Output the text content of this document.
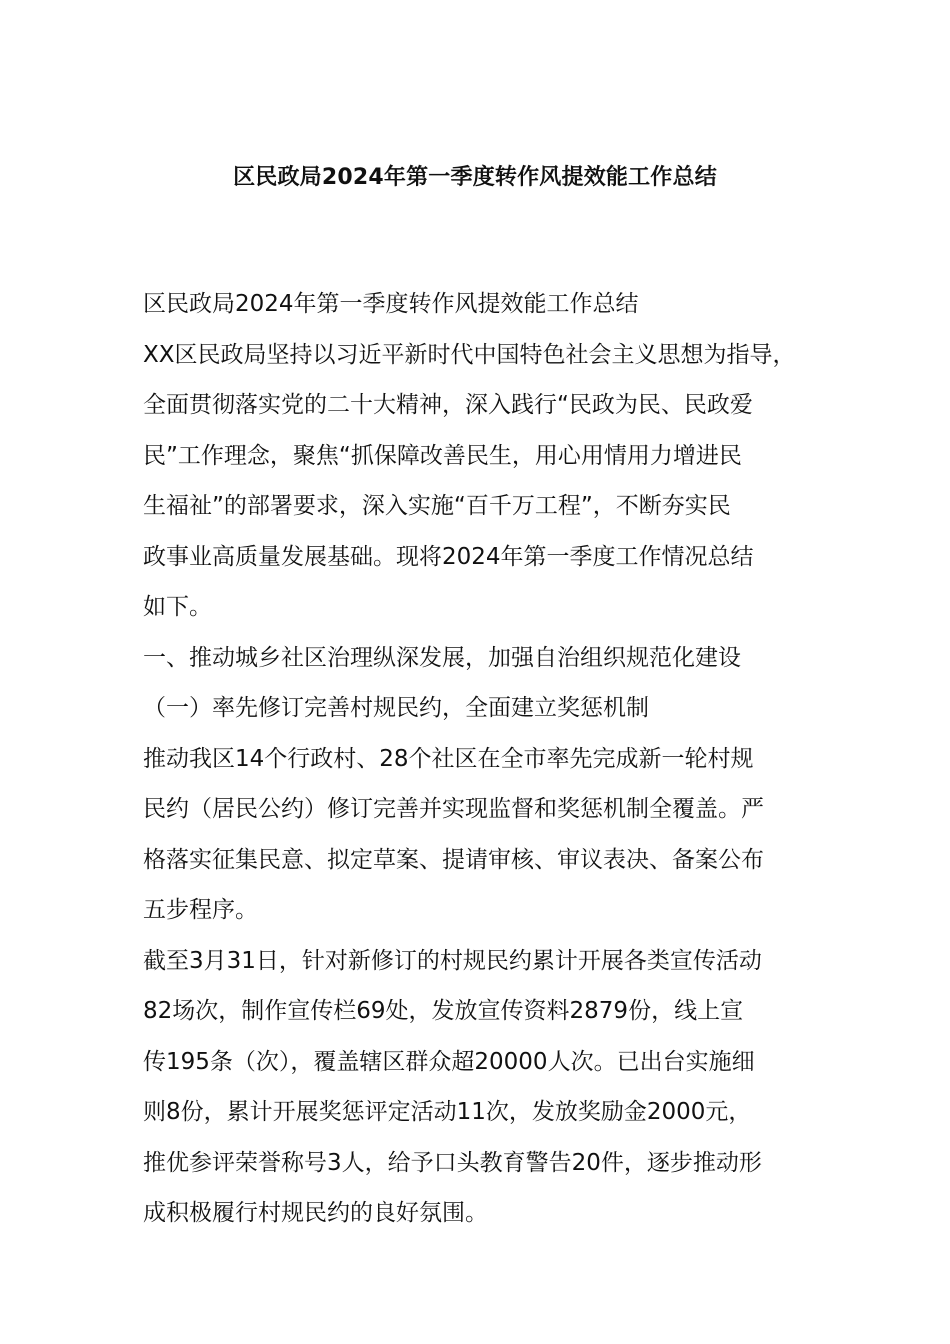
区民政局2024年第一季度转作风提效能工作总结
区民政局2024年第一季度转作风提效能工作总结
XX区民政局坚持以习近平新时代中国特色社会主义思想为指导，
全面贯彻落实党的二十大精神，深入践行“民政为民、民政爱
民”工作理念，聚焦“抓保障改善民生，用心用情用力增进民
生福祉”的部署要求，深入实施“百千万工程”，不断夯实民
政事业高质量发展基础。现将2024年第一季度工作情况总结
如下。
一、推动城乡社区治理纵深发展，加强自治组织规范化建设
（一）率先修订完善村规民约，全面建立奖惩机制
推动我区14个行政村、28个社区在全市率先完成新一轮村规
民约（居民公约）修订完善并实现监督和奖惩机制全覆盖。严
格落实征集民意、拟定草案、提请审核、审议表决、备案公布
五步程序。
截至3月31日，针对新修订的村规民约累计开展各类宣传活动
82场次，制作宣传栏69处，发放宣传资料2879份，线上宣
传195条（次），覆盖辖区群众超20000人次。已出台实施细
则8份，累计开展奖惩评定活动11次，发放奖励金2000元，
推优参评荣誉称号3人，给予口头教育警告20件，逐步推动形
成积极履行村规民约的良好氛围。
